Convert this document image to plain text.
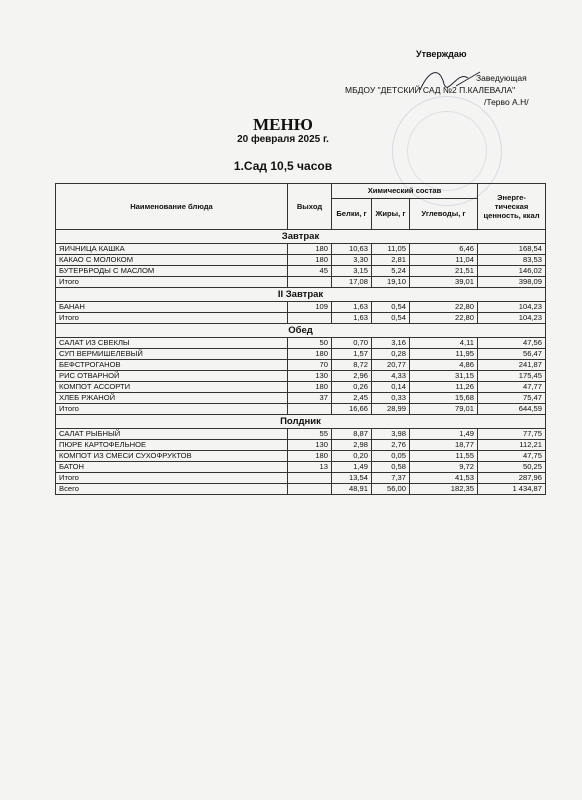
Утверждаю
Заведующая
МБДОУ "ДЕТСКИЙ САД №2 П.КАЛЕВАЛА"
/Терво А.Н/
МЕНЮ
20 февраля 2025 г.
1.Сад 10,5 часов
Наименование блюда	Выход	Химический состав			Энерге-тическая ценность, ккал
		Белки, г	Жиры, г	Углеводы, г	
Завтрак					
ЯИЧНИЦА КАШКА	180	10,63	11,05	6,46	168,54
КАКАО С МОЛОКОМ	180	3,30	2,81	11,04	83,53
БУТЕРБРОДЫ С МАСЛОМ	45	3,15	5,24	21,51	146,02
Итого		17,08	19,10	39,01	398,09
II Завтрак					
БАНАН	109	1,63	0,54	22,80	104,23
Итого		1,63	0,54	22,80	104,23
Обед					
САЛАТ ИЗ СВЕКЛЫ	50	0,70	3,16	4,11	47,56
СУП ВЕРМИШЕЛЕВЫЙ	180	1,57	0,28	11,95	56,47
БЕФСТРОГАНОВ	70	8,72	20,77	4,86	241,87
РИС ОТВАРНОЙ	130	2,96	4,33	31,15	175,45
КОМПОТ АССОРТИ	180	0,26	0,14	11,26	47,77
ХЛЕБ РЖАНОЙ	37	2,45	0,33	15,68	75,47
Итого		16,66	28,99	79,01	644,59
Полдник					
САЛАТ РЫБНЫЙ	55	8,87	3,98	1,49	77,75
ПЮРЕ КАРТОФЕЛЬНОЕ	130	2,98	2,76	18,77	112,21
КОМПОТ ИЗ СМЕСИ СУХОФРУКТОВ	180	0,20	0,05	11,55	47,75
БАТОН	13	1,49	0,58	9,72	50,25
Итого		13,54	7,37	41,53	287,96
Всего		48,91	56,00	182,35	1 434,87
